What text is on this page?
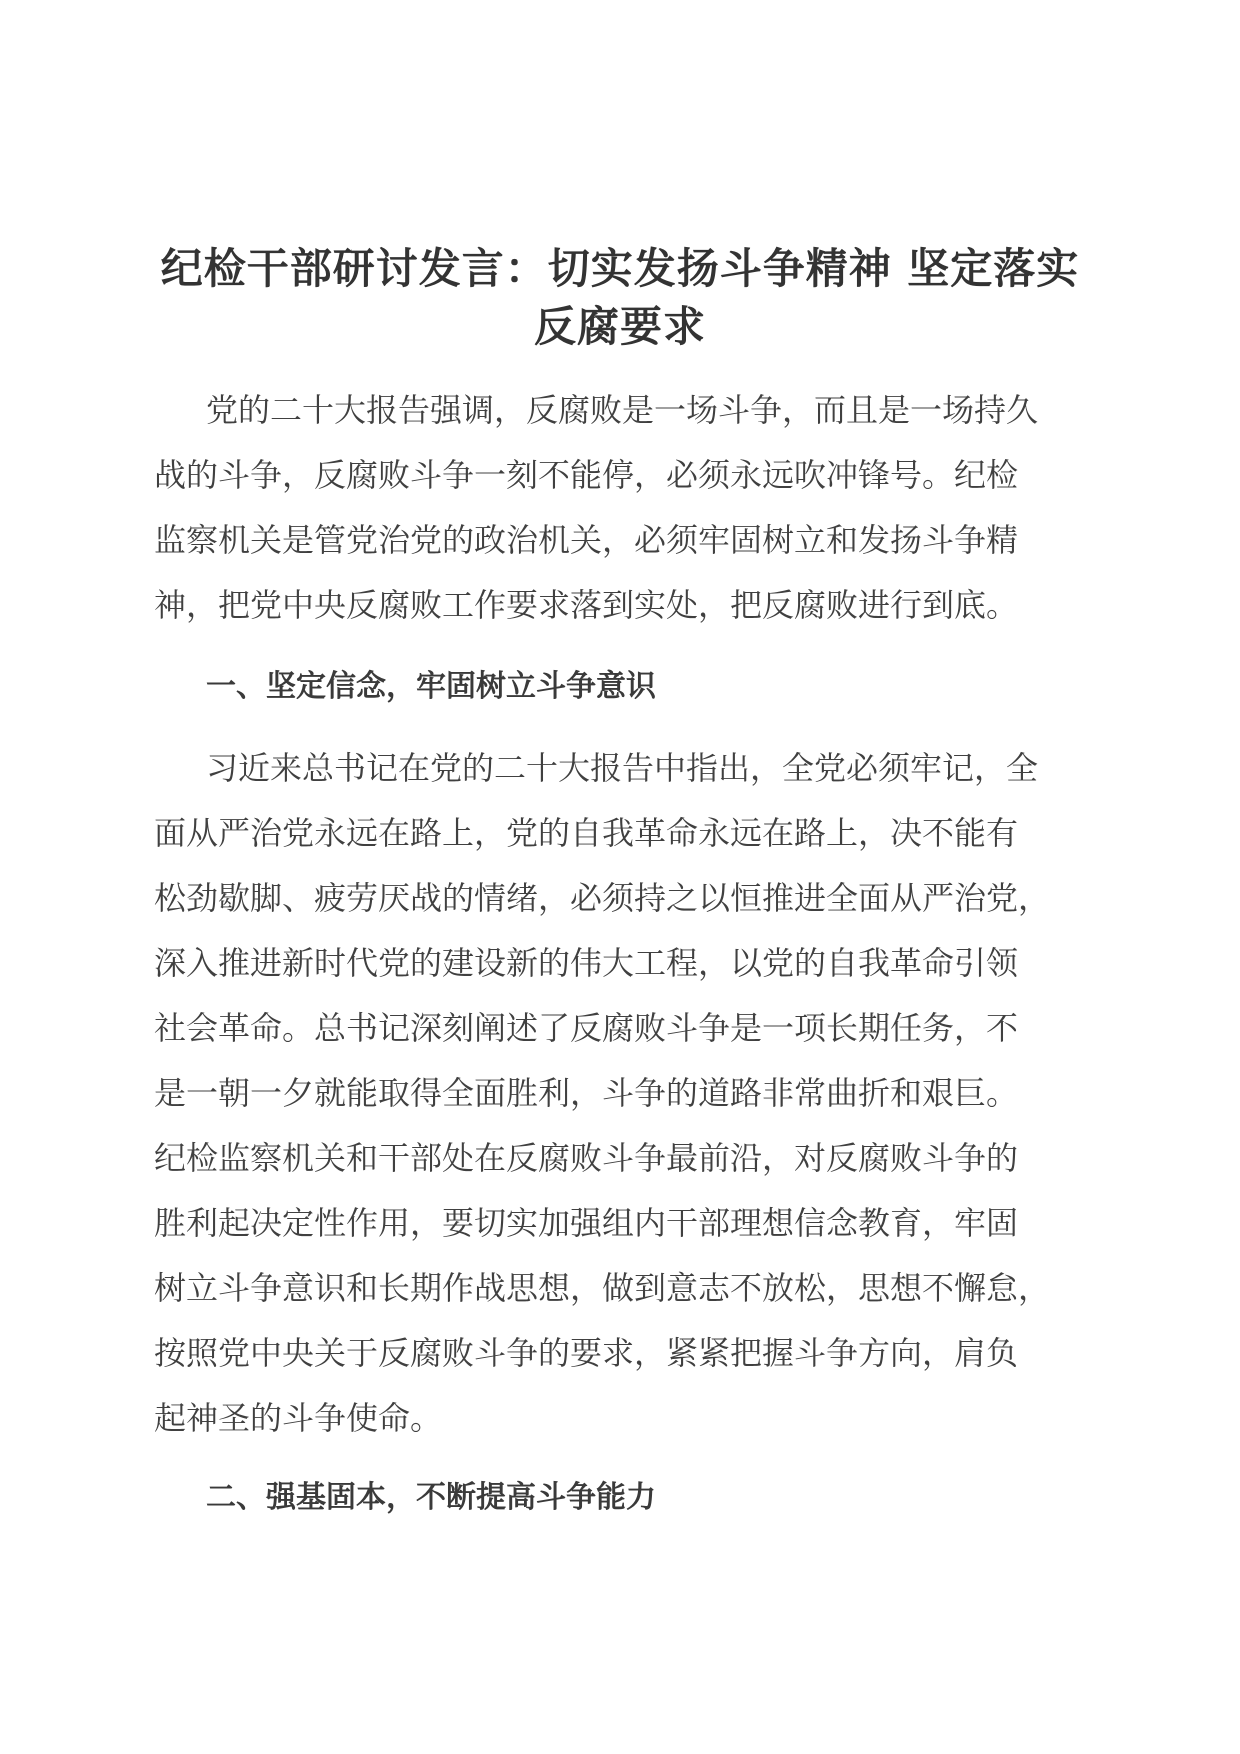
纪检干部研讨发言：切实发扬斗争精神 坚定落实反腐要求
党的二十大报告强调，反腐败是一场斗争，而且是一场持久
战的斗争，反腐败斗争一刻不能停，必须永远吹冲锋号。纪检
监察机关是管党治党的政治机关，必须牢固树立和发扬斗争精
神，把党中央反腐败工作要求落到实处，把反腐败进行到底。
一、坚定信念，牢固树立斗争意识
习近来总书记在党的二十大报告中指出，全党必须牢记，全
面从严治党永远在路上，党的自我革命永远在路上，决不能有
松劲歇脚、疲劳厌战的情绪，必须持之以恒推进全面从严治党，
深入推进新时代党的建设新的伟大工程，以党的自我革命引领
社会革命。总书记深刻阐述了反腐败斗争是一项长期任务，不
是一朝一夕就能取得全面胜利，斗争的道路非常曲折和艰巨。
纪检监察机关和干部处在反腐败斗争最前沿，对反腐败斗争的
胜利起决定性作用，要切实加强组内干部理想信念教育，牢固
树立斗争意识和长期作战思想，做到意志不放松，思想不懈怠，
按照党中央关于反腐败斗争的要求，紧紧把握斗争方向，肩负
起神圣的斗争使命。
二、强基固本，不断提高斗争能力
